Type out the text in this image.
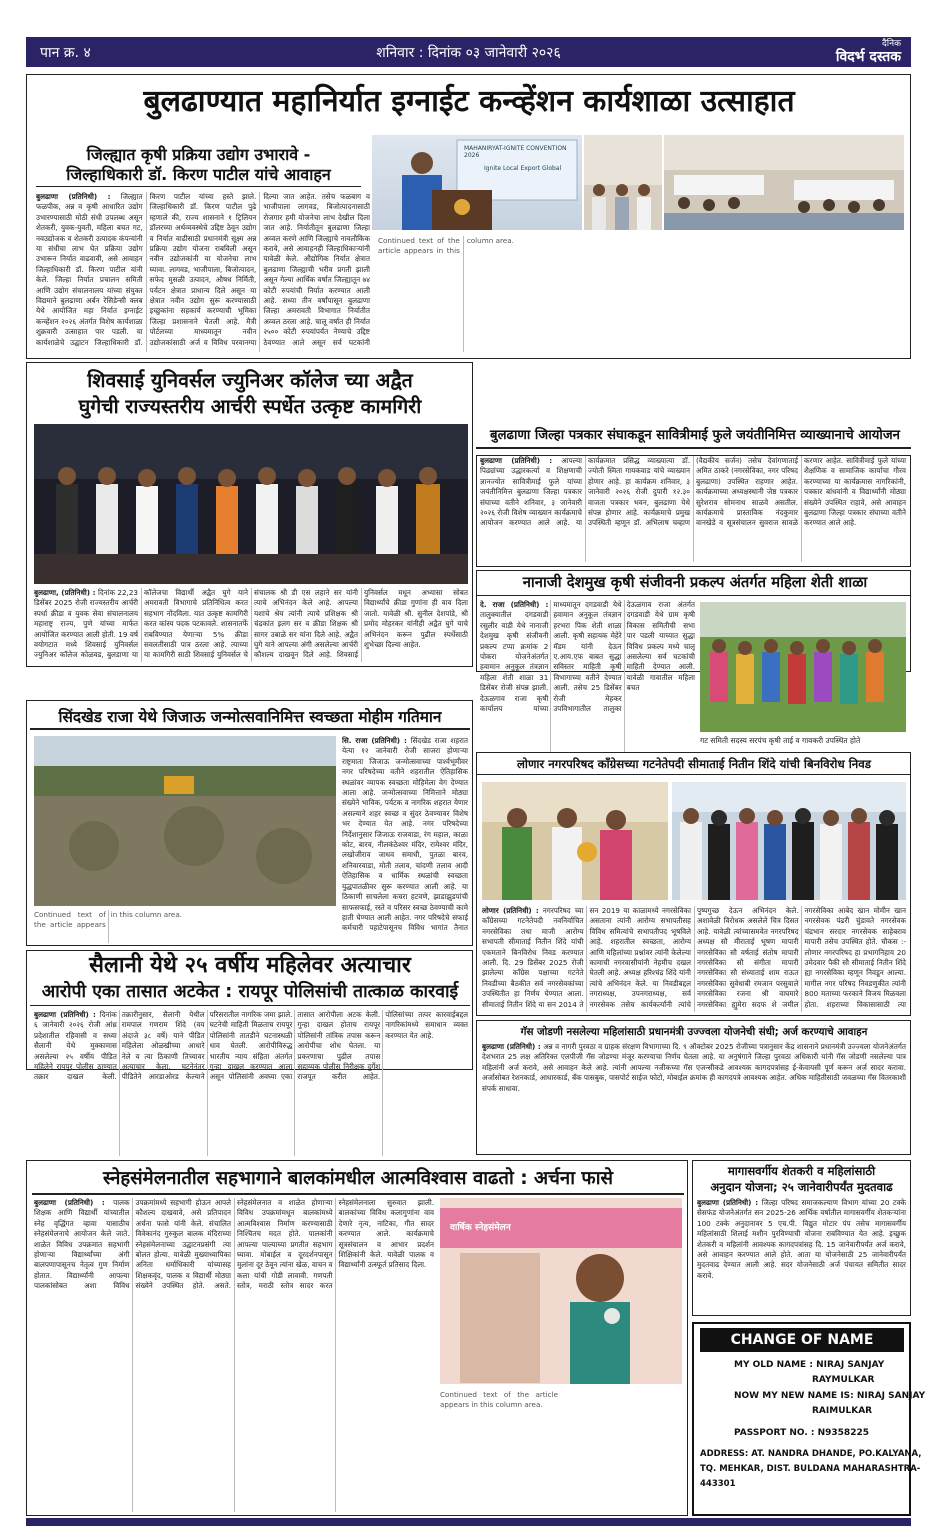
पान क्र. ४	शनिवार : दिनांक ०३ जानेवारी २०२६
दैनिक
विदर्भ दस्तक
बुलढाण्यात महानिर्यात इग्नाईट कन्व्हेंशन कार्यशाळा उत्साहात
जिल्ह्यात कृषी प्रक्रिया उद्योग उभारावे -
जिल्हाधिकारी डॉ. किरण पाटील यांचे आवाहन
MAHANIRYAT-IGNITE CONVENTION 2026
Ignite Local Export Global
बुलढाणा (प्रतिनिधी) : जिल्ह्यात फळपीक, अन्न व कृषी आधारित उद्योग उभारण्यासाठी मोठी संधी उपलब्ध असून शेतकरी, युवक-युवती, महिला बचत गट, नवउद्योजक व शेतकरी उत्पादक कंपन्यांनी या संधीचा लाभ घेत प्रक्रिया उद्योग उभारून निर्यात वाढवावी, असे आवाहन जिल्हाधिकारी डॉ. किरण पाटील यांनी केले. जिल्हा निर्यात प्रचालन समिती आणि उद्योग संचालनालय यांच्या संयुक्त विद्यमाने बुलढाणा अर्बन रेसिडेन्सी क्लब येथे आयोजित महा निर्यात इग्नाईट कन्व्हेंशन २०२६ अंतर्गत विशेष कार्यशाळा शुक्रवारी उत्साहात पार पडली. या कार्यशाळेचे उद्घाटन जिल्हाधिकारी डॉ. किरण पाटील यांच्या हस्ते झाले. जिल्हाधिकारी डॉ. किरण पाटील पुढे म्हणाले की, राज्य शासनाने १ ट्रिलियन डॉलरच्या अर्थव्यवस्थेचे उद्दिष्ट ठेवून उद्योग व निर्यात वाढीसाठी प्रधानमंत्री सूक्ष्म अन्न प्रक्रिया उद्योग योजना राबविली असून नवीन उद्योजकांनी या योजनेचा लाभ घ्यावा. लागवड, भाजीपाला, बिजोत्पादन, सफेद मुसळी उत्पादन, औषध निर्मिती, पर्यटन क्षेत्रात प्राधान्य दिले असून या क्षेत्रात नवीन उद्योग सुरू करण्यासाठी इच्छुकांना सहकार्य करण्याची भूमिका जिल्हा प्रशासनाने घेतली आहे. मैत्री पोर्टलच्या माध्यमातून नवीन उद्योजकांसाठी अर्ज व विविध परवानग्या दिल्या जात आहेत. तसेच फळबाग व भाजीपाला लागवड, बिजोत्पादनासाठी रोजगार हमी योजनेचा लाभ देखील दिला जात आहे. निर्यातीतून बुलढाणा जिल्हा अव्वल करणे आणि जिल्ह्याचे नावलौकिक करावे, असे आवाहनही जिल्हाधिकाऱ्यांनी यावेळी केले. औद्योगिक निर्यात क्षेत्रात बुलढाणा जिल्ह्याची भरीव प्रगती झाली असून गेल्या आर्थिक वर्षात जिल्ह्यातून ७४ कोटी रुपयांची निर्यात करण्यात आली आहे. सध्या तीन वर्षांपासून बुलढाणा जिल्हा अमरावती विभागात निर्यातीत अव्वल ठरला आहे. चालू वर्षात ही निर्यात २५०० कोटी रुपयांपर्यंत नेण्याचे उद्दिष्ट ठेवण्यात आले असून सर्व घटकांनी
Continued text of the article appears in this column area.
शिवसाई युनिवर्सल ज्युनिअर कॉलेज च्या अद्वैत
घुगेची राज्यस्तरीय आर्चरी स्पर्धेत उत्कृष्ट कामगिरी
बुलढाणा, (प्रतिनिधी) : दिनांक 22,23 डिसेंबर 2025 रोजी राज्यस्तरीय आर्चरी स्पर्धा क्रीडा व युवक सेवा संचालनालय महाराष्ट्र राज्य, पुणे यांच्या मार्फत आयोजित करण्यात आली होती. 19 वर्ष वयोगटात मध्ये शिवसाई युनिवर्सल ज्युनिअर कॉलेज कोळवड, बुलडाणा या कॉलेजचा विद्यार्थी अद्वैत घुगे याने अमरावती विभागाचे प्रतिनिधित्व करत सहभाग नोंदविला. यात उत्कृष्ट कामगिरी करत कांस्य पदक पटकावले. शासनातर्फे राबविण्यात येणाऱ्या 5% क्रीडा सवलतीसाठी पात्र ठरला आहे. त्याच्या या कामगिरी साठी शिवसाई युनिवर्सल चे संचालक श्री डी एस लहाने सर यांनी त्याचे अभिनंदन केले आहे. आपल्या यशाचे श्रेय त्यांनी त्याचे प्रशिक्षक श्री चंद्रकांत इलग सर व क्रीडा शिक्षक श्री सागर उबाळे सर यांना दिले आहे. अद्वैत घुगे याने आपल्या अंगी असलेल्या आर्चरी कौशल्य दाखवून दिले आहे. शिवसाई युनिवर्सल मधून अभ्यासा सोबत विद्यार्थ्यांचे क्रीडा गुणांना ही वाव दिला जातो. यावेळी श्री. सुनील देशपांडे, श्री प्रमोद मोहरकर यांनीही अद्वैत घुगे याचे अभिनंदन करून पुढील स्पर्धेसाठी शुभेच्छा दिल्या आहेत.
बुलढाणा जिल्हा पत्रकार संघाकडून सावित्रीमाई फुले जयंतीनिमित्त व्याख्यानाचे आयोजन
बुलढाणा (प्रतिनिधी) : आपल्या पिढ्यांच्या उद्धारकर्त्या व शिक्षणाची ज्ञानज्योत सावित्रीमाई फुले यांच्या जयंतीनिमित्त बुलढाणा जिल्हा पत्रकार संघाच्या वतीने शनिवार, ३ जानेवारी २०२६ रोजी विशेष व्याख्यान कार्यक्रमाचे आयोजन करण्यात आले आहे. या कार्यक्रमात प्रसिद्ध व्याख्यात्या डॉ. ज्योती स्मिता गायकवाड यांचे व्याख्यान होणार आहे. हा कार्यक्रम शनिवार, ३ जानेवारी २०२६ रोजी दुपारी १२.३० वाजता पत्रकार भवन, बुलढाणा येथे संपन्न होणार आहे. कार्यक्रमाचे प्रमुख उपस्थिती म्हणून डॉ. अभिलाष चव्हाण (वैद्यकीय सर्जन) तसेच देवांगणाताई अमित ठाकरे (नगरसेविका, नगर परिषद बुलढाणा) उपस्थित राहणार आहेत. कार्यक्रमाच्या अध्यक्षस्थानी जेष्ठ पत्रकार सुरेशराव सोमनाथ साळवे असतील. कार्यक्रमाचे प्रास्ताविक नंदकुमार वानखेडे व सूत्रसंचालन सुवराज सावळे करणार आहेत. सावित्रीमाई फुले यांच्या शैक्षणिक व सामाजिक कार्याचा गौरव करण्याच्या या कार्यक्रमास नागरिकांनी, पत्रकार बांधवांनी व विद्यार्थ्यांनी मोठ्या संख्येने उपस्थित राहावे, असे आवाहन बुलढाणा जिल्हा पत्रकार संघाच्या वतीने करण्यात आले आहे.
नानाजी देशमुख कृषी संजीवनी प्रकल्प अंतर्गत महिला शेती शाळा
दे. राजा (प्रतिनिधी) : तालुक्यातील दगडवाडी रसुलीर वाडी येथे नानाजी देशमुख कृषी संजीवनी प्रकल्प टप्पा क्रमांक 2 पोकरा योजनेअंतर्गत हवामान अनुकूल तंत्रज्ञान महिला शेती शाळा 31 डिसेंबर रोजी संपन्न झाली. देऊळगाव राजा कृषी कार्यालय यांच्या माध्यमातून दगडवाडी येथे हवामान अनुकूल तंत्रज्ञान हरभरा पिक शेती शाळा आली. कृषी सहायक मेहेरे मॅडम यांनी देऊन ए.आय.एफ बाबत सुद्धा सविस्तर माहिती कृषी विभागाच्या वतीने देण्यात आली. तसेच 25 डिसेंबर रोजी मेहकर उपविभागातील तालुका देऊळगाव राजा अंतर्गत दगडवाडी येथे ग्राम कृषी विकास समितीची सभा पार पडली याच्यात सुद्धा विविध प्रकल्प मध्ये चालू असलेल्या सर्व घटकांची माहिती देण्यात आली. यावेळी गावातील महिला बचत
गट समिती सदस्य सरपंच कृषी ताई व गावकरी उपस्थित होते
सिंदखेड राजा येथे जिजाऊ जन्मोत्सवानिमित्त स्वच्छता मोहीम गतिमान
सि. राजा (प्रतिनिधी) : सिंदखेड राजा शहरात येत्या १२ जानेवारी रोजी साजरा होणाऱ्या राष्ट्रमाता जिजाऊ जन्मोत्सवाच्या पार्श्वभूमीवर नगर परिषदेच्या वतीने शहरातील ऐतिहासिक स्थळांवर व्यापक स्वच्छता मोहिमेला वेग देण्यात आला आहे. जन्मोत्सवाच्या निमित्ताने मोठ्या संख्येने भाविक, पर्यटक व नागरिक शहरात येणार असल्याने शहर स्वच्छ व सुंदर ठेवण्यावर विशेष भर देण्यात येत आहे. नगर परिषदेच्या निर्देशानुसार जिजाऊ राजवाडा, रंग महाल, काळा कोट, बारव, नीलकंठेश्वर मंदिर, रामेश्वर मंदिर, लखोजीराव जाधव समाधी, पुतळा बारव, शनिवारवाडा, मोती तलाव, चांदणी तलाव आदी ऐतिहासिक व धार्मिक स्थळांची स्वच्छता युद्धपातळीवर सुरू करण्यात आली आहे. या ठिकाणी साचलेला कचरा हटवणे, झाडाझुडपांची साफसफाई, रस्ते व परिसर स्वच्छ ठेवण्याची कामे हाती घेण्यात आली आहेत. नगर परिषदेचे सफाई कर्मचारी पहाटेपासूनच विविध भागांत तैनात
Continued text of the article appears in this column area.
लोणार नगरपरिषद कॉंग्रेसच्या गटनेतेपदी सीमाताई नितीन शिंदे यांची बिनविरोध निवड
लोणार (प्रतिनिधी) : नगरपरिषद च्या कॉंग्रेसच्या गटनेतेपदी नवनिर्वाचित नगरसेविका तथा माजी आरोग्य सभापती सीमाताई नितीन शिंदे यांची एकमताने बिनविरोध निवड करण्यात आली. दि. 29 डिसेंबर 2025 रोजी झालेल्या कॉंग्रेस पक्षाच्या गटनेते निवडीच्या बैठकीत सर्व नगरसेवकांच्या उपस्थितीत हा निर्णय घेण्यात आला. सीमाताई नितीन शिंदे या सन 2014 ते सन 2019 या काळामध्ये नगरसेविका असताना त्यांनी आरोग्य सभापतीसह विविध समित्यांचे सभापतीपद भूषविले आहे. शहरातील स्वच्छता, आरोग्य आणि महिलांच्या प्रश्नांवर त्यांनी केलेल्या कामाची नगरवासीयांनी नेहमीच दखल घेतली आहे. अध्यक्ष हरिश्चंद्र शिंदे यांनी त्यांचे अभिनंदन केले. या निवडीबद्दल नगराध्यक्ष, उपनगराध्यक्ष, सर्व नगरसेवक तसेच कार्यकर्त्यांनी त्यांचे पुष्पगुच्छ देऊन अभिनंदन केले. अशावेळी विरोधक असलेले चित्र दिसत आहे. यावेळी त्यांच्यासमवेत नगरपरिषद अध्यक्ष सौ मीराताई भूषण मापारी नगरसेविका सौ वर्षताई संतोष मापारी नगरसेविका सौ संगीता मापारी नगरसेविका सौ संध्याताई शाम राऊत नगरसेविका सुवेधाबी रमजान परसुवाले नगरसेविका रजना श्री वाघमारे नगरसेविका ह्युमेरा सदफ शे जमील नगरसेविका आबेद खान मोमीन खान नगरसेवक पंढरी चुंडावते नगरसेवक चंद्रभान सरदार नगरसेवक साहेबराव मापारी तसेच उपस्थित होते. चौकस :- लोणार नगरपरिषद हा प्रभागनिहाय 20 उमेदवार पैकी सौ सीमाताई नितीन शिंदे ह्या नगरसेविका म्हणून निवडून आल्या. मागील नगर परिषद निवडणुकीत त्यांनी 800 मताच्या फरकाने विजय मिळवला होता. शहराच्या विकासासाठी त्या
सैलानी येथे २५ वर्षीय महिलेवर अत्याचार
आरोपी एका तासात अटकेत : रायपूर पोलिसांची तात्काळ कारवाई
बुलढाणा (प्रतिनिधी) : दिनांक ६ जानेवारी २०२६ रोजी आंध्र प्रदेशातील रहिवासी व सध्या सैलानी येथे मुक्कामास असलेल्या २५ वर्षीय पीडित महिलेने रायपूर पोलीस ठाण्यात तक्रार दाखल केली. तक्रारीनुसार, सैलानी येथील रामपाल गणराम शिंदे (वय अंदाजे ३८ वर्षे) याने पीडित महिलेला ओळखीच्या आधारे नेले व त्या ठिकाणी तिच्यावर अत्याचार केला. घटनेनंतर पीडितेने आरडाओरड केल्याने परिसरातील नागरिक जमा झाले. घटनेची माहिती मिळताच रायपूर पोलिसांनी तातडीने घटनास्थळी धाव घेतली. आरोपीविरुद्ध भारतीय न्याय संहिता अंतर्गत गुन्हा दाखल करण्यात आला असून पोलिसांनी अवघ्या एका तासात आरोपीला अटक केली. गुन्हा दाखल होताच रायपूर पोलिसांनी तांत्रिक तपास करून आरोपीचा शोध घेतला. या प्रकरणाचा पुढील तपास सहाय्यक पोलीस निरीक्षक दुर्गेश राजपूत करीत आहेत. पोलिसांच्या तत्पर कारवाईबद्दल नागरिकांमध्ये समाधान व्यक्त करण्यात येत आहे.	गॅस जोडणी नसलेल्या महिलांसाठी प्रधानमंत्री उज्ज्वला योजनेची संधी; अर्ज करण्याचे आवाहन
बुलढाणा (प्रतिनिधी) : अन्न व नागरी पुरवठा व ग्राहक संरक्षण विभागाच्या दि. ९ ऑक्टोबर 2025 रोजीच्या पत्रानुसार केंद्र शासनाने प्रधानमंत्री उज्ज्वला योजनेअंतर्गत देशभरात 25 लक्ष अतिरिक्त एलपीजी गॅस जोडण्या मंजूर करण्याचा निर्णय घेतला आहे. या अनुषंगाने जिल्हा पुरवठा अधिकारी यांनी गॅस जोडणी नसलेल्या पात्र महिलांनी अर्ज करावे, असे आवाहन केले आहे. त्यांनी आपल्या नजीकच्या गॅस एजन्सीकडे आवश्यक कागदपत्रांसह ई-केवायसी पूर्ण करून अर्ज सादर करावा. अर्जासोबत रेशनकार्ड, आधारकार्ड, बँक पासबुक, पासपोर्ट साईज फोटो, मोबाईल क्रमांक ही कागदपत्रे आवश्यक आहेत. अधिक माहितीसाठी जवळच्या गॅस वितरकाशी संपर्क साधावा.
स्नेहसंमेलनातील सहभागाने बालकांमधील आत्मविश्वास वाढतो : अर्चना फासे
बुलढाणा (प्रतिनिधी) : पालक शिक्षक आणि विद्यार्थी यांच्यातील स्नेह वृद्धिंगत व्हावा यासाठीच स्नेहसंमेलनाचे आयोजन केले जाते. शाळेत विविध उपक्रमात सहभागी होणाऱ्या विद्यार्थ्यांच्या अंगी बालपणापासूनच नेतृत्व गुण निर्माण होतात. विद्यार्थ्यांनी आपल्या पालकांसोबत अशा विविध उपक्रमांमध्ये सहभागी होऊन आपले कौशल्य दाखवावे, असे प्रतिपादन अर्चना फासे यांनी केले. संचालित विवेकानंद गुरुकुल बालक मंदिराच्या स्नेहसंमेलनाच्या उद्घाटनप्रसंगी त्या बोलत होत्या. यावेळी मुख्याध्यापिका अनिता धर्माधिकारी यांच्यासह शिक्षकवृंद, पालक व विद्यार्थी मोठ्या संख्येने उपस्थित होते. असते. स्नेहसंमेलनात व शाळेत होणाऱ्या विविध उपक्रमांमधून बालकांमध्ये आत्मविश्वास निर्माण करण्यासाठी निश्चितच मदत होते. पालकांनी आपल्या पाल्याच्या प्रगतीत सहभाग घ्यावा. मोबाईल व दूरदर्शनपासून मुलांना दूर ठेवून त्यांना खेळ, वाचन व कला यांची गोडी लावावी. गणपती स्तोत्र, मराठी स्तोत्र सादर करत स्नेहसंमेलनाला सुरुवात झाली. बालकांच्या विविध कलागुणांना वाव देणारे नृत्य, नाटिका, गीत सादर करण्यात आले. कार्यक्रमाचे सूत्रसंचालन व आभार प्रदर्शन शिक्षिकांनी केले. यावेळी पालक व विद्यार्थ्यांनी उत्स्फूर्त प्रतिसाद दिला.
वार्षिक स्नेहसंमेलन
Continued text of the article appears in this column area.
मागासवर्गीय शेतकरी व महिलांसाठी
अनुदान योजना; २५ जानेवारीपर्यंत मुदतवाढ
बुलढाणा (प्रतिनिधी) : जिल्हा परिषद समाजकल्याण विभाग यांच्या 20 टक्के सेसफंड योजनेअंतर्गत सन 2025-26 आर्थिक वर्षातील मागासवर्गीय शेतकऱ्यांना 100 टक्के अनुदानावर 5 एच.पी. विद्युत मोटार पंप तसेच मागासवर्गीय महिलांसाठी शिलाई मशीन पुरविण्याची योजना राबविण्यात येत आहे. इच्छुक शेतकरी व महिलांनी आवश्यक कागदपत्रांसह दि. 15 जानेवारीपर्यंत अर्ज करावे, असे आवाहन करण्यात आले होते. आता या योजनेसाठी 25 जानेवारीपर्यंत मुदतवाढ देण्यात आली आहे. सदर योजनेसाठी अर्ज पंचायत समितीत सादर करावे.
CHANGE OF NAME
MY OLD NAME : NIRAJ SANJAY
RAYMULKAR
NOW MY NEW NAME IS: NIRAJ SANJAY
RAIMULKAR
PASSPORT NO. : N9358225
ADDRESS: AT. NANDRA DHANDE, PO.KALYANA,
TQ. MEHKAR, DIST. BULDANA MAHARASHTRA-
443301
